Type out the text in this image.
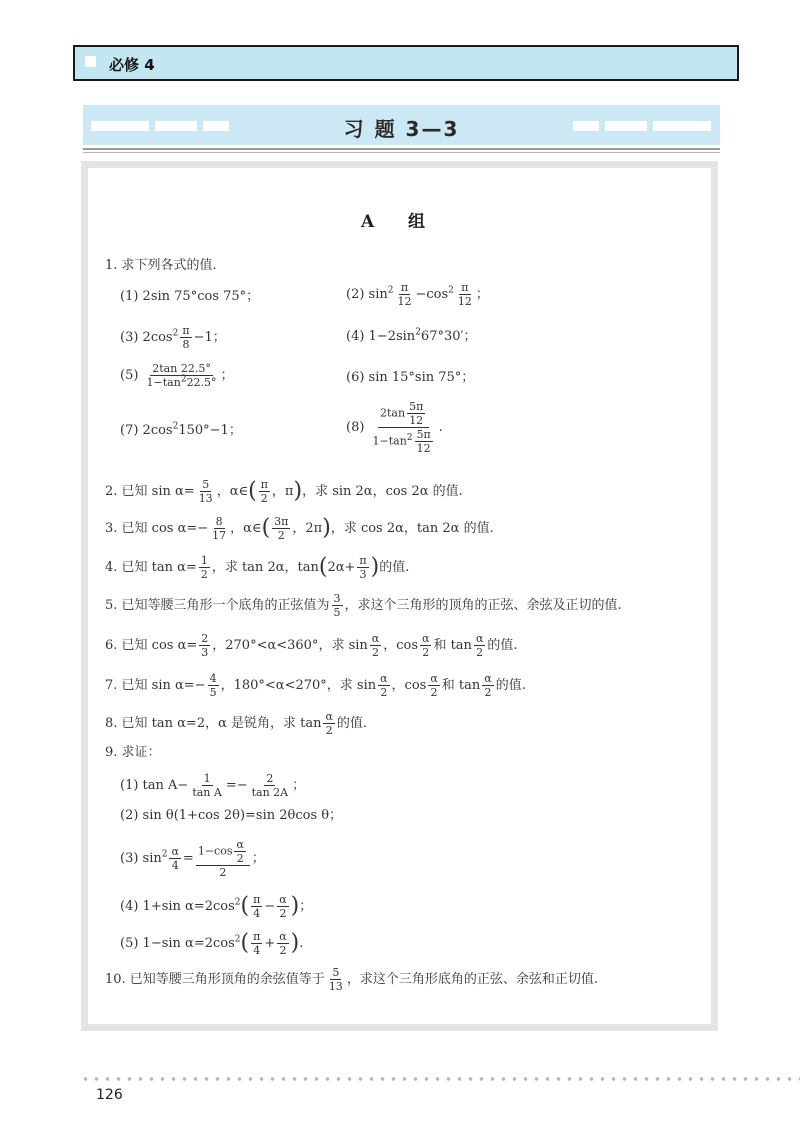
必修 4
习 题 3—3
A 组
1. 求下列各式的值.
(1) 2sin 75°cos 75°；	(2) $\sin^2 \frac{\pi}{12} -\cos^2 \frac{\pi}{12}$ ；
(3) $2\cos^2 \frac{\pi}{8} -1$；	(4) $1-2\sin^267^\circ 30'$；
$(5) \frac{2\tan 22.5^\circ}{1-\tan^222.5^\circ}$ ；	(6) sin 15°sin 75°；
(7) $2\cos^2150^\circ-1$；	$(8) \frac{2\tan \frac{5\pi}{12}}{1-\tan^2 \frac{5\pi}{12}}$ .
2. 已知 $\sin \alpha= \frac{5}{13}$ ，α∈( $\frac{\pi}{2}$ ，π)，求 sin 2α，cos 2α 的值.
3. 已知 $\cos \alpha=- \frac{8}{17}$ ，α∈( $\frac{3\pi}{2}$ ，2π)，求 cos 2α，tan 2α 的值.
4. 已知 $\tan \alpha= \frac{1}{2}$ ，求 tan 2α，$\tan(2\alpha+ \frac{\pi}{3}$ )的值.
5. 已知等腰三角形一个底角的正弦值为 $\frac{3}{5}$ ，求这个三角形的顶角的正弦、余弦及正切的值.
6. 已知 $\cos \alpha= \frac{2}{3}$ ，270°<α<360°，求 $\sin \frac{\alpha}{2}$ ，$\cos \frac{\alpha}{2}$ 和 $\tan \frac{\alpha}{2}$ 的值.
7. 已知 $\sin \alpha=- \frac{4}{5}$ ，180°<α<270°，求 $\sin \frac{\alpha}{2}$ ，$\cos \frac{\alpha}{2}$ 和 $\tan \frac{\alpha}{2}$ 的值.
8. 已知 tan α=2，α 是锐角，求 $\tan \frac{\alpha}{2}$ 的值.
9. 求证：
(1) $\tan A- \frac{1}{\text{tan A}} =- \frac{2}{\tan 2A}$ ；
(2) sin θ(1+cos 2θ)=sin 2θcos θ；
(3) $\sin^2 \frac{\alpha}{4} = \frac{1-\cos \frac{\alpha}{2}}{2}$ ；
(4) 1+sin $\alpha=2\cos^2( \frac{\pi}{4} - \frac{\alpha}{2}$ )；
(5) 1−sin $\alpha=2\cos^2( \frac{\pi}{4} + \frac{\alpha}{2}$ ).
10. 已知等腰三角形顶角的余弦值等于 $\frac{5}{13}$ ，求这个三角形底角的正弦、余弦和正切值.
126
